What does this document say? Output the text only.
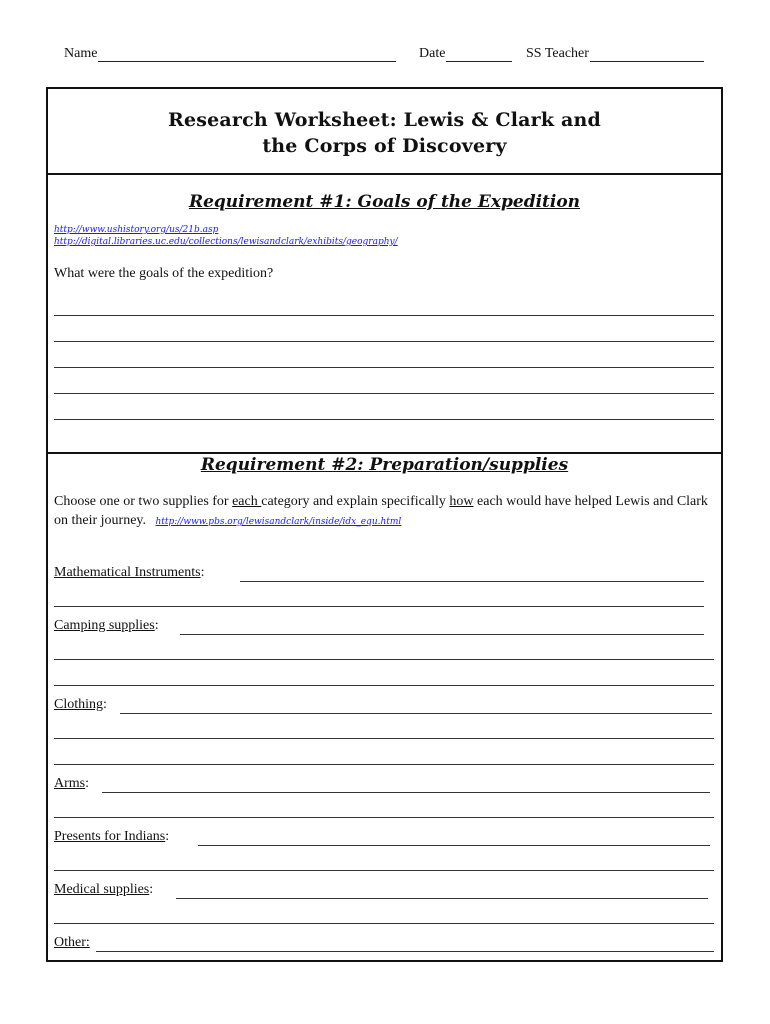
Name	Date	SS Teacher
Research Worksheet: Lewis & Clark and
the Corps of Discovery
Requirement #1: Goals of the Expedition
http://www.ushistory.org/us/21b.asp
http://digital.libraries.uc.edu/collections/lewisandclark/exhibits/geography/
What were the goals of the expedition?
Requirement #2: Preparation/supplies
Choose one or two supplies for each category and explain specifically how each would have helped Lewis and Clark on their journey. http://www.pbs.org/lewisandclark/inside/idx_equ.html
Mathematical Instruments :
Camping supplies :
Clothing :
Arms :
Presents for Indians :
Medical supplies :
Other:
